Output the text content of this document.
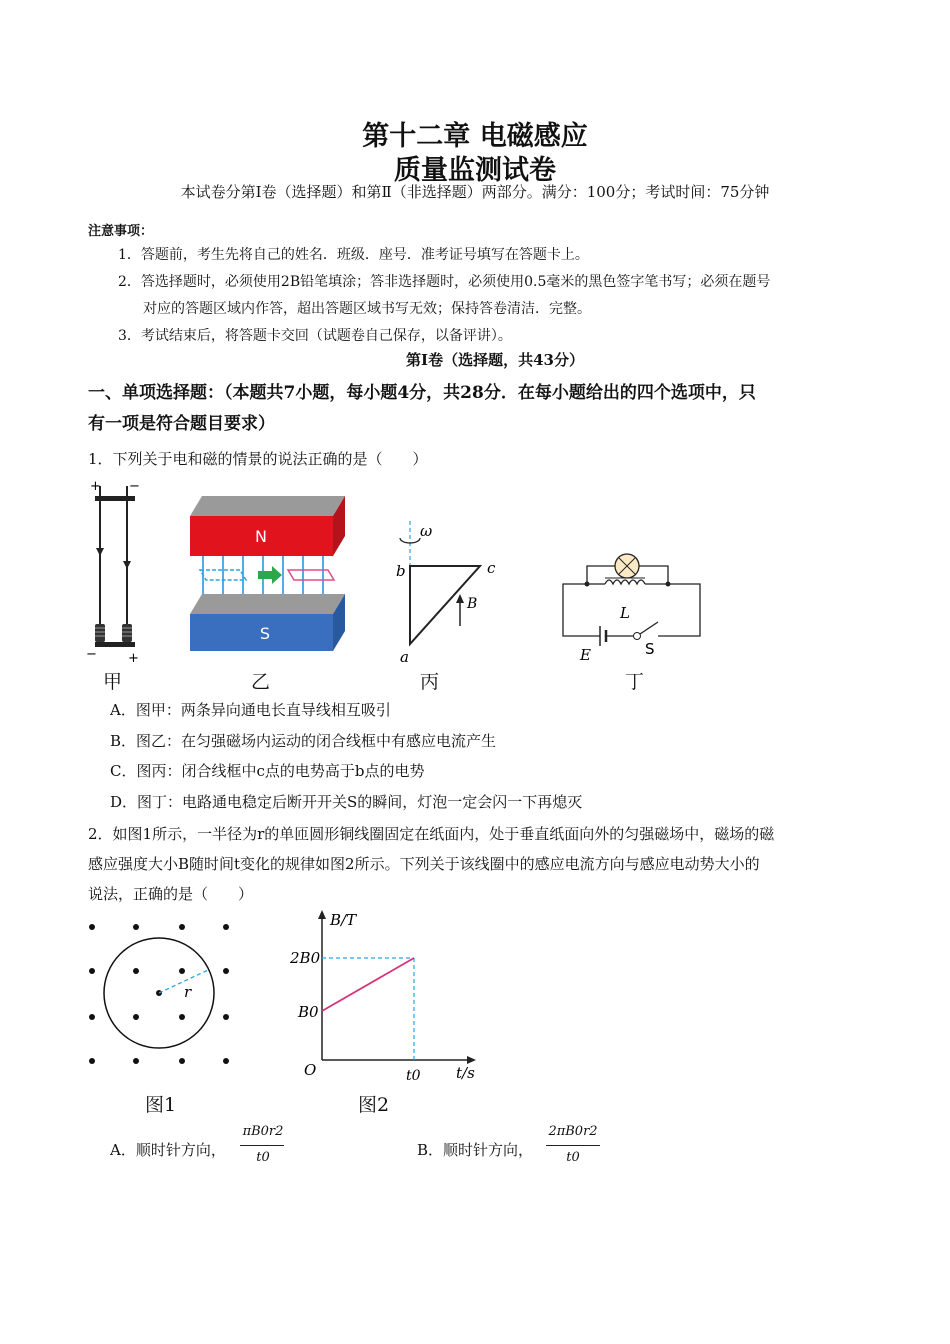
第十二章 电磁感应
质量监测试卷
本试卷分第Ⅰ卷（选择题）和第Ⅱ（非选择题）两部分。满分：100分；考试时间：75分钟
注意事项：
1．答题前，考生先将自己的姓名．班级．座号．准考证号填写在答题卡上。
2．答选择题时，必须使用2B铅笔填涂；答非选择题时，必须使用0.5毫米的黑色签字笔书写；必须在题号
对应的答题区域内作答，超出答题区域书写无效；保持答卷清洁．完整。
3．考试结束后，将答题卡交回（试题卷自己保存，以备评讲）。
第Ⅰ卷（选择题，共43分）
一、单项选择题：（本题共7小题，每小题4分，共28分．在每小题给出的四个选项中，只
有一项是符合题目要求）
1．下列关于电和磁的情景的说法正确的是（　　）
+ −
− +
N
S
ω
B
b	c
a
L
E	S
甲	乙	丙	丁
A．图甲：两条异向通电长直导线相互吸引
B．图乙：在匀强磁场内运动的闭合线框中有感应电流产生
C．图丙：闭合线框中c点的电势高于b点的电势
D．图丁：电路通电稳定后断开开关S的瞬间，灯泡一定会闪一下再熄灭
2．如图1所示，一半径为r的单匝圆形铜线圈固定在纸面内，处于垂直纸面向外的匀强磁场中，磁场的磁
感应强度大小B随时间t变化的规律如图2所示。下列关于该线圈中的感应电流方向与感应电动势大小的
说法，正确的是（　　）
r
图1
B/T
t/s
O
2B0
B0
t0
图2
A．顺时针方向，
πB0r2
t0	B．顺时针方向，
2πB0r2
t0
